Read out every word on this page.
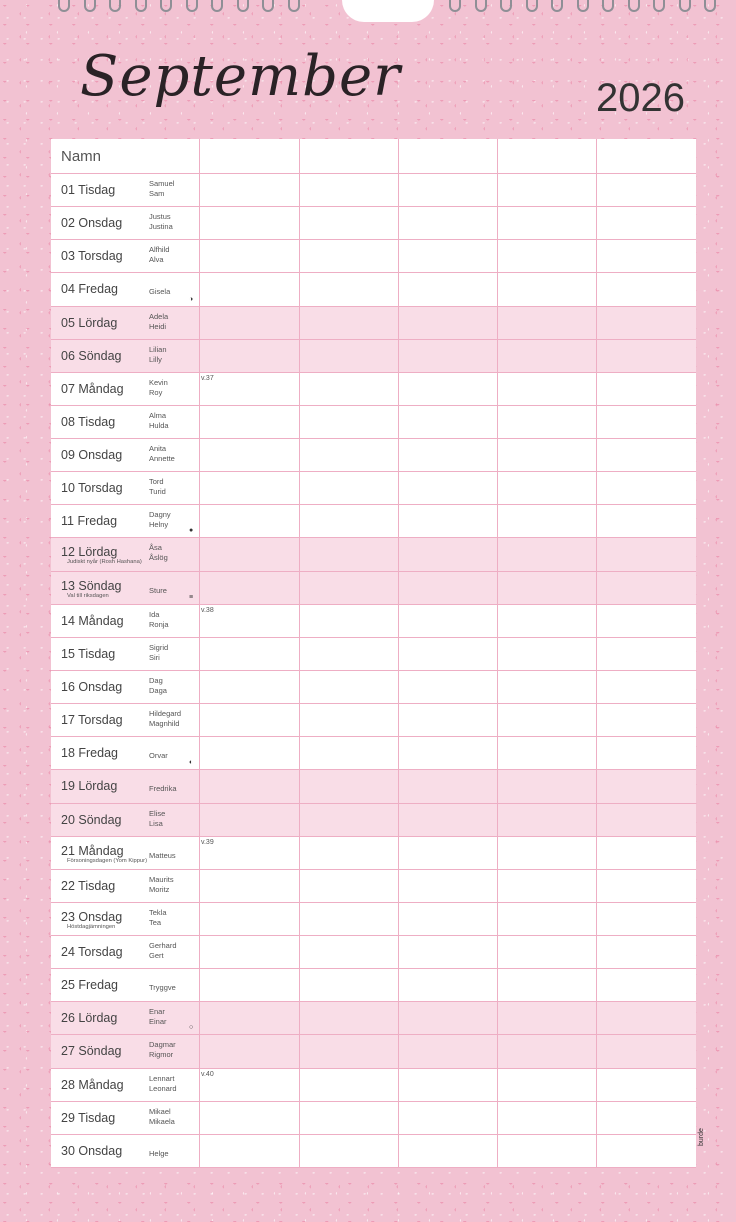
September	2026
Namn
01 Tisdag	Samuel
Sam
02 Onsdag	Justus
Justina
03 Torsdag	Alfhild
Alva
04 Fredag	Gisela
◑
05 Lördag	Adela
Heidi
06 Söndag	Lilian
Lilly
07 Måndag	Kevin
Roy
v.37
08 Tisdag	Alma
Hulda
09 Onsdag	Anita
Annette
10 Torsdag	Tord
Turid
11 Fredag	Dagny
Helny
●
12 Lördag	Åsa
Åslög
Judiskt nyår (Rosh Hashana)
13 Söndag	Sture
Val till riksdagen	≡
14 Måndag	Ida
Ronja
v.38
15 Tisdag	Sigrid
Siri
16 Onsdag	Dag
Daga
17 Torsdag	Hildegard
Magnhild
18 Fredag	Orvar
◐
19 Lördag	Fredrika
20 Söndag	Elise
Lisa
21 Måndag	Matteus
Försoningsdagen (Yom Kippur)
v.39
22 Tisdag	Maurits
Moritz
23 Onsdag	Tekla
Tea
Höstdagjämningen
24 Torsdag	Gerhard
Gert
25 Fredag	Tryggve
26 Lördag	Enar
Einar
○
27 Söndag	Dagmar
Rigmor
28 Måndag	Lennart
Leonard
v.40
29 Tisdag	Mikael
Mikaela
30 Onsdag	Helge
burde
